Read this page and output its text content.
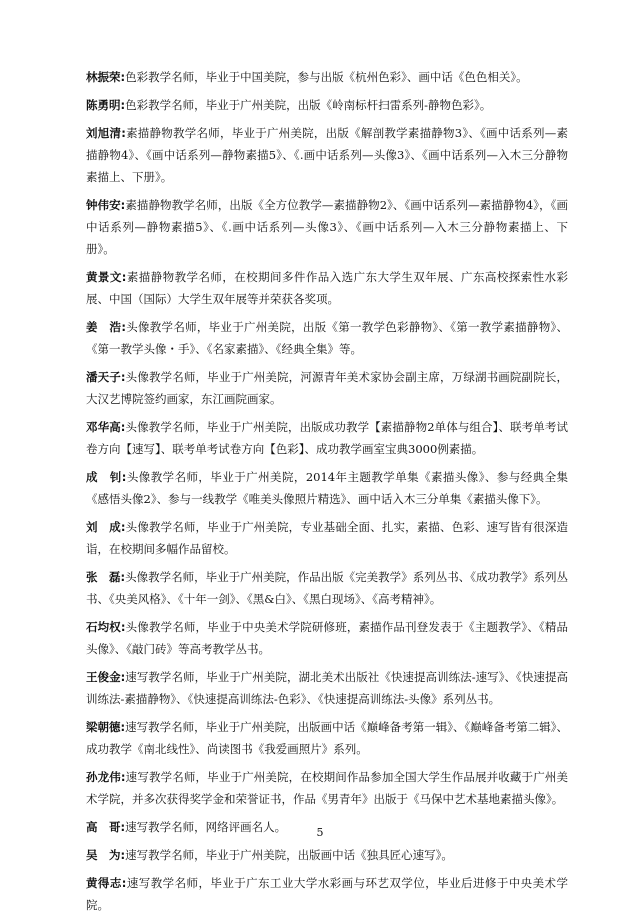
林振荣:色彩教学名师，毕业于中国美院，参与出版《杭州色彩》、画中话《色色相关》。

陈勇明:色彩教学名师，毕业于广州美院，出版《岭南标杆扫雷系列-静物色彩》。

刘旭清:素描静物教学名师，毕业于广州美院，出版《解剖教学素描静物3》、《画中话系列—素描静物4》、《画中话系列—静物素描5》、《.画中话系列—头像3》、《画中话系列—入木三分静物素描上、下册》。

钟伟安:素描静物教学名师，出版《全方位教学—素描静物2》、《画中话系列—素描静物4》，《画中话系列—静物素描5》、《.画中话系列—头像3》、《画中话系列—入木三分静物素描上、下册》。

黄景文:素描静物教学名师，在校期间多件作品入选广东大学生双年展、广东高校探索性水彩展、中国（国际）大学生双年展等并荣获各奖项。

姜　浩:头像教学名师，毕业于广州美院，出版《第一教学色彩静物》、《第一教学素描静物》、《第一教学头像・手》、《名家素描》、《经典全集》等。

潘天子:头像教学名师，毕业于广州美院，河源青年美术家协会副主席，万绿湖书画院副院长，大汉艺博院签约画家，东江画院画家。

邓华高:头像教学名师，毕业于广州美院，出版成功教学【素描静物2单体与组合】、联考单考试卷方向【速写】、联考单考试卷方向【色彩】、成功教学画室宝典3000例素描。

成　钊:头像教学名师，毕业于广州美院，2014年主题教学单集《素描头像》、参与经典全集《感悟头像2》、参与一线教学《唯美头像照片精选》、画中话入木三分单集《素描头像下》。

刘　成:头像教学名师，毕业于广州美院，专业基础全面、扎实，素描、色彩、速写皆有很深造诣，在校期间多幅作品留校。

张　磊:头像教学名师，毕业于广州美院，作品出版《完美教学》系列丛书、《成功教学》系列丛书、《央美风格》、《十年一剑》、《黑&白》、《黑白现场》、《高考精神》。

石均权:头像教学名师，毕业于中央美术学院研修班，素描作品刊登发表于《主题教学》、《精品头像》、《敲门砖》等高考教学丛书。

王俊金:速写教学名师，毕业于广州美院，湖北美术出版社《快速提高训练法-速写》、《快速提高训练法-素描静物》、《快速提高训练法-色彩》、《快速提高训练法-头像》系列丛书。

梁朝德:速写教学名师，毕业于广州美院，出版画中话《巅峰备考第一辑》、《巅峰备考第二辑》、成功教学《南北线性》、尚读图书《我爱画照片》系列。

孙龙伟:速写教学名师，毕业于广州美院，在校期间作品参加全国大学生作品展并收藏于广州美术学院，并多次获得奖学金和荣誉证书，作品《男青年》出版于《马保中艺术基地素描头像》。

高　哥:速写教学名师，网络评画名人。

吴　为:速写教学名师，毕业于广州美院，出版画中话《独具匠心速写》。

黄得志:速写教学名师，毕业于广东工业大学水彩画与环艺双学位，毕业后进修于中央美术学院。

5
